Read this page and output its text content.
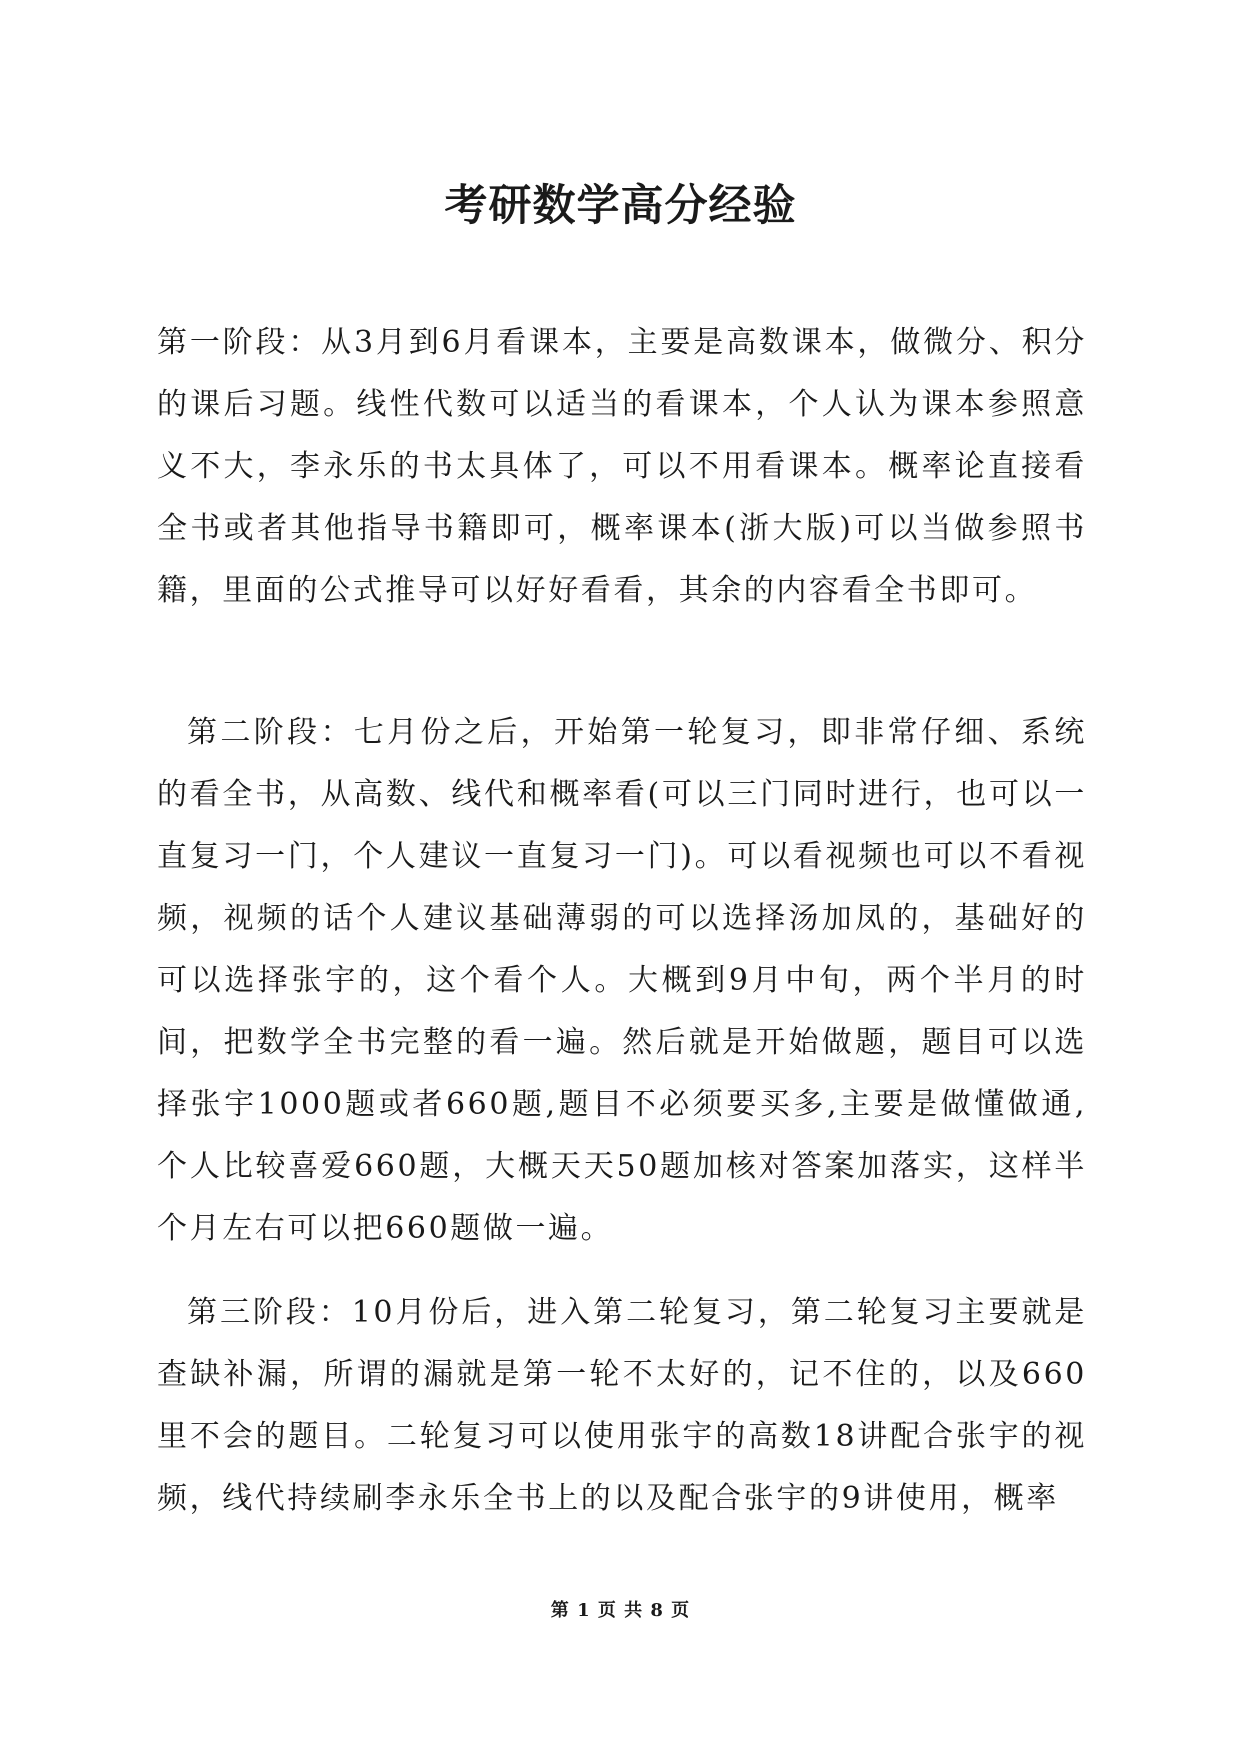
考研数学高分经验

第一阶段：从3月到6月看课本，主要是高数课本，做微分、积分的课后习题。线性代数可以适当的看课本，个人认为课本参照意义不大，李永乐的书太具体了，可以不用看课本。概率论直接看全书或者其他指导书籍即可，概率课本(浙大版)可以当做参照书籍，里面的公式推导可以好好看看，其余的内容看全书即可。

第二阶段：七月份之后，开始第一轮复习，即非常仔细、系统的看全书，从高数、线代和概率看(可以三门同时进行，也可以一直复习一门，个人建议一直复习一门)。可以看视频也可以不看视频，视频的话个人建议基础薄弱的可以选择汤加凤的，基础好的可以选择张宇的，这个看个人。大概到9月中旬，两个半月的时间，把数学全书完整的看一遍。然后就是开始做题，题目可以选择张宇1000题或者660题,题目不必须要买多,主要是做懂做通,个人比较喜爱660题，大概天天50题加核对答案加落实，这样半个月左右可以把660题做一遍。

第三阶段：10月份后，进入第二轮复习，第二轮复习主要就是查缺补漏，所谓的漏就是第一轮不太好的，记不住的，以及660里不会的题目。二轮复习可以使用张宇的高数18讲配合张宇的视频，线代持续刷李永乐全书上的以及配合张宇的9讲使用，概率

第 1 页 共 8 页
